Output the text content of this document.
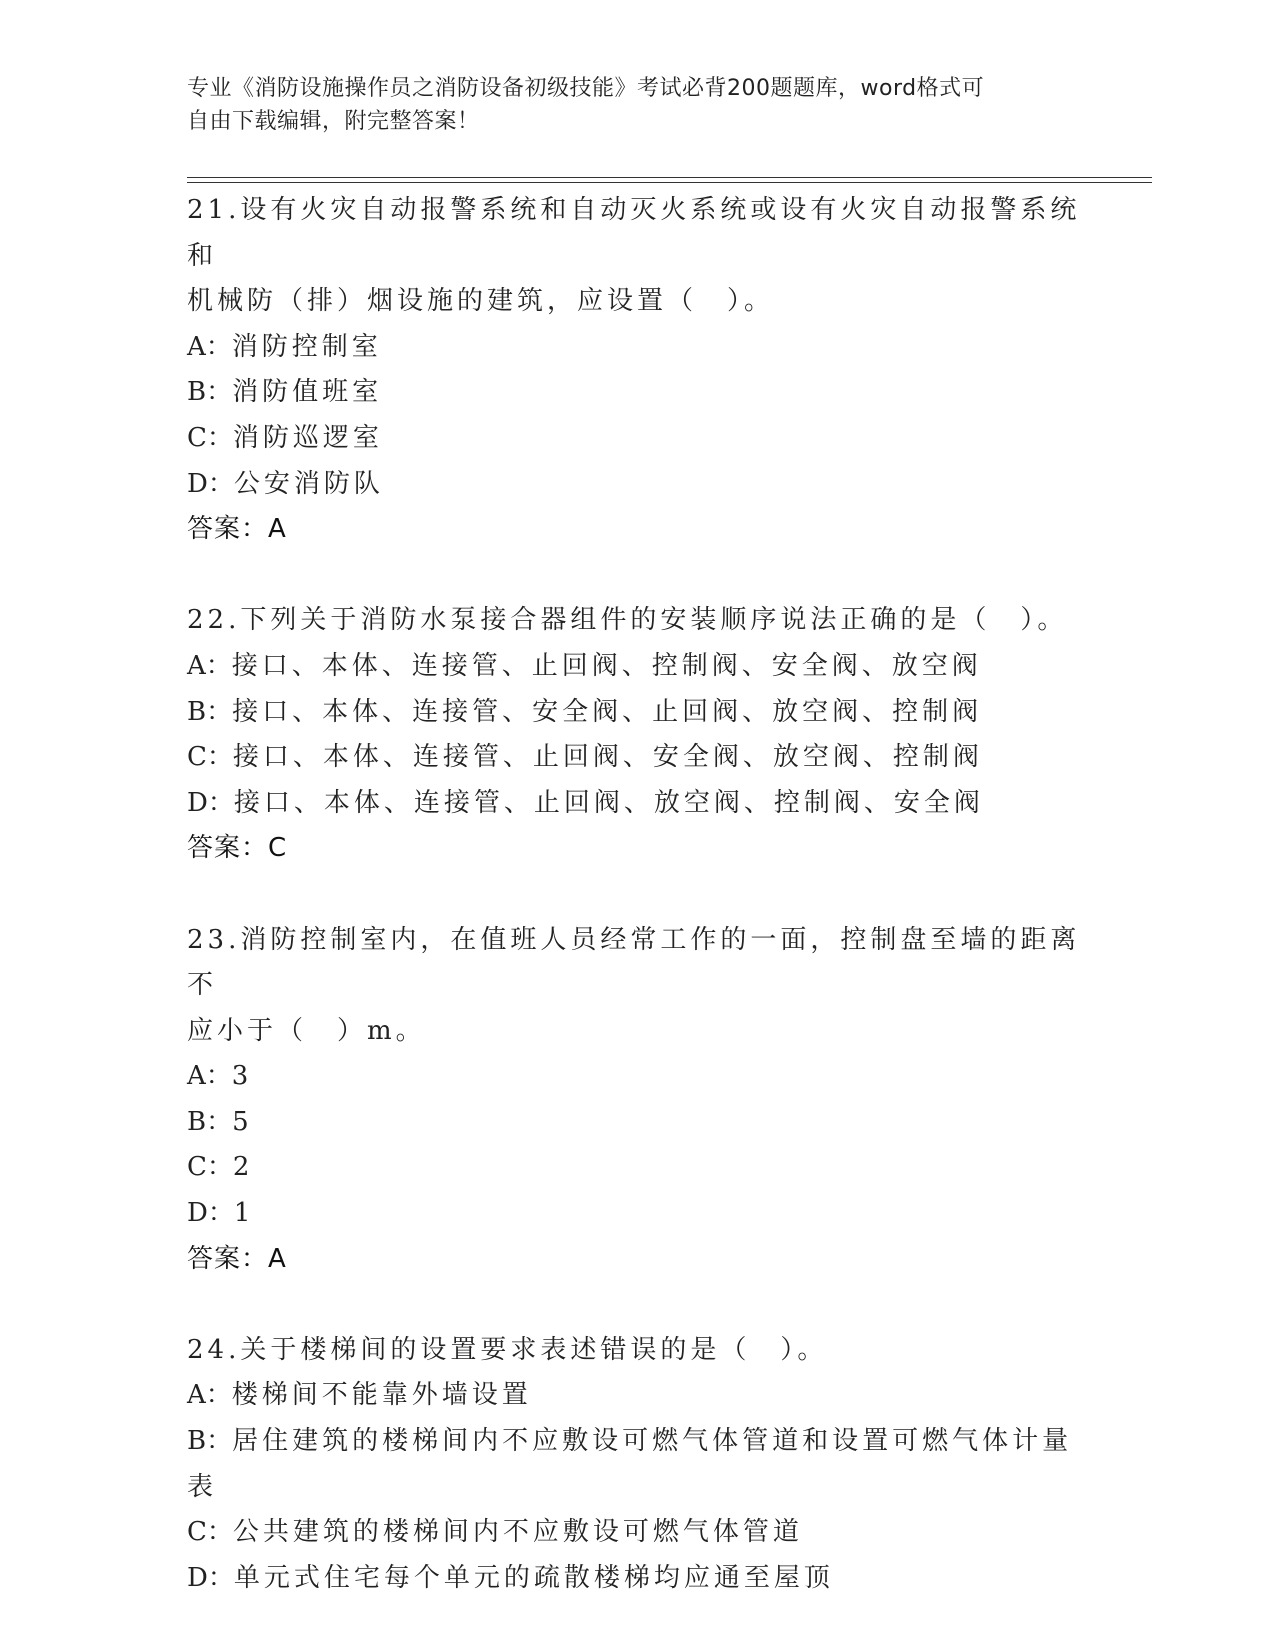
专业《消防设施操作员之消防设备初级技能》考试必背200题题库，word格式可
自由下载编辑，附完整答案！

21.设有火灾自动报警系统和自动灭火系统或设有火灾自动报警系统和

机械防（排）烟设施的建筑，应设置（　）。

A：消防控制室

B：消防值班室

C：消防巡逻室

D：公安消防队

答案：A

22.下列关于消防水泵接合器组件的安装顺序说法正确的是（　）。

A：接口、本体、连接管、止回阀、控制阀、安全阀、放空阀

B：接口、本体、连接管、安全阀、止回阀、放空阀、控制阀

C：接口、本体、连接管、止回阀、安全阀、放空阀、控制阀

D：接口、本体、连接管、止回阀、放空阀、控制阀、安全阀

答案：C

23.消防控制室内，在值班人员经常工作的一面，控制盘至墙的距离不

应小于（　）m。

A：3

B：5

C：2

D：1

答案：A

24.关于楼梯间的设置要求表述错误的是（　）。

A：楼梯间不能靠外墙设置

B：居住建筑的楼梯间内不应敷设可燃气体管道和设置可燃气体计量表

C：公共建筑的楼梯间内不应敷设可燃气体管道

D：单元式住宅每个单元的疏散楼梯均应通至屋顶
